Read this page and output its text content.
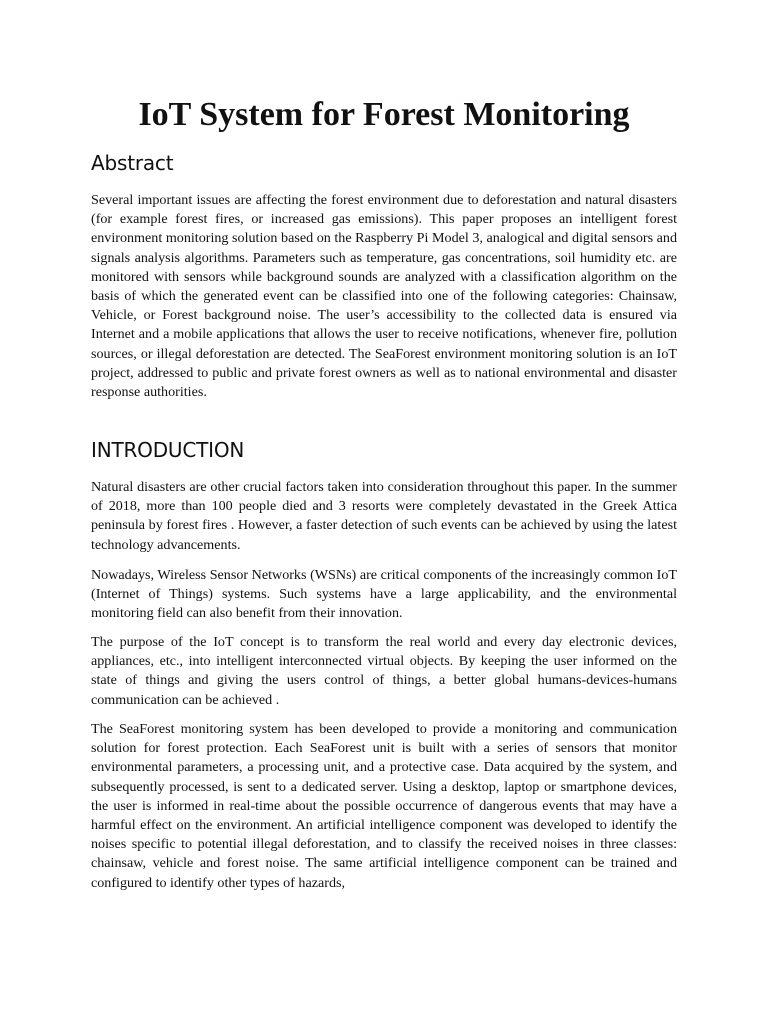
IoT System for Forest Monitoring
Abstract

Several important issues are affecting the forest environment due to deforestation and natural disasters (for example forest fires, or increased gas emissions). This paper proposes an intelligent forest environment monitoring solution based on the Raspberry Pi Model 3, analogical and digital sensors and signals analysis algorithms. Parameters such as temperature, gas concentrations, soil humidity etc. are monitored with sensors while background sounds are analyzed with a classification algorithm on the basis of which the generated event can be classified into one of the following categories: Chainsaw, Vehicle, or Forest background noise. The user’s accessibility to the collected data is ensured via Internet and a mobile applications that allows the user to receive notifications, whenever fire, pollution sources, or illegal deforestation are detected. The SeaForest environment monitoring solution is an IoT project, addressed to public and private forest owners as well as to national environmental and disaster response authorities.

INTRODUCTION

Natural disasters are other crucial factors taken into consideration throughout this paper. In the summer of 2018, more than 100 people died and 3 resorts were completely devastated in the Greek Attica peninsula by forest fires . However, a faster detection of such events can be achieved by using the latest technology advancements.

Nowadays, Wireless Sensor Networks (WSNs) are critical components of the increasingly common IoT (Internet of Things) systems. Such systems have a large applicability, and the environmental monitoring field can also benefit from their innovation.

The purpose of the IoT concept is to transform the real world and every day electronic devices, appliances, etc., into intelligent interconnected virtual objects. By keeping the user informed on the state of things and giving the users control of things, a better global humans-devices-humans communication can be achieved .

The SeaForest monitoring system has been developed to provide a monitoring and communication solution for forest protection. Each SeaForest unit is built with a series of sensors that monitor environmental parameters, a processing unit, and a protective case. Data acquired by the system, and subsequently processed, is sent to a dedicated server. Using a desktop, laptop or smartphone devices, the user is informed in real-time about the possible occurrence of dangerous events that may have a harmful effect on the environment. An artificial intelligence component was developed to identify the noises specific to potential illegal deforestation, and to classify the received noises in three classes: chainsaw, vehicle and forest noise. The same artificial intelligence component can be trained and configured to identify other types of hazards,
